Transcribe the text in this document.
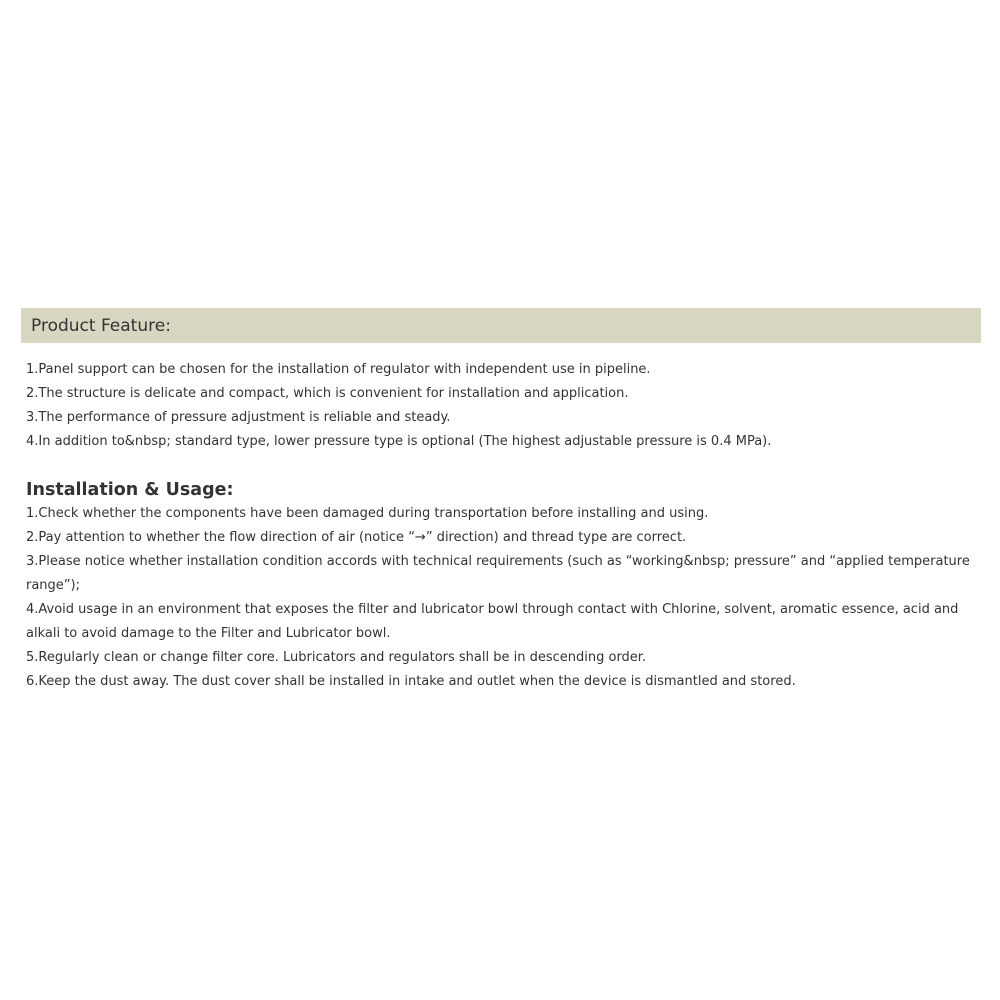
Product Feature:
1.Panel support can be chosen for the installation of regulator with independent use in pipeline.
2.The structure is delicate and compact, which is convenient for installation and application.
3.The performance of pressure adjustment is reliable and steady.
4.In addition to&nbsp; standard type, lower pressure type is optional (The highest adjustable pressure is 0.4 MPa).
Installation & Usage:
1.Check whether the components have been damaged during transportation before installing and using.
2.Pay attention to whether the flow direction of air (notice “→” direction) and thread type are correct.
3.Please notice whether installation condition accords with technical requirements (such as “working&nbsp; pressure” and “applied temperature range”);
4.Avoid usage in an environment that exposes the filter and lubricator bowl through contact with Chlorine, solvent, aromatic essence, acid and alkali to avoid damage to the Filter and Lubricator bowl.
5.Regularly clean or change filter core. Lubricators and regulators shall be in descending order.
6.Keep the dust away. The dust cover shall be installed in intake and outlet when the device is dismantled and stored.
